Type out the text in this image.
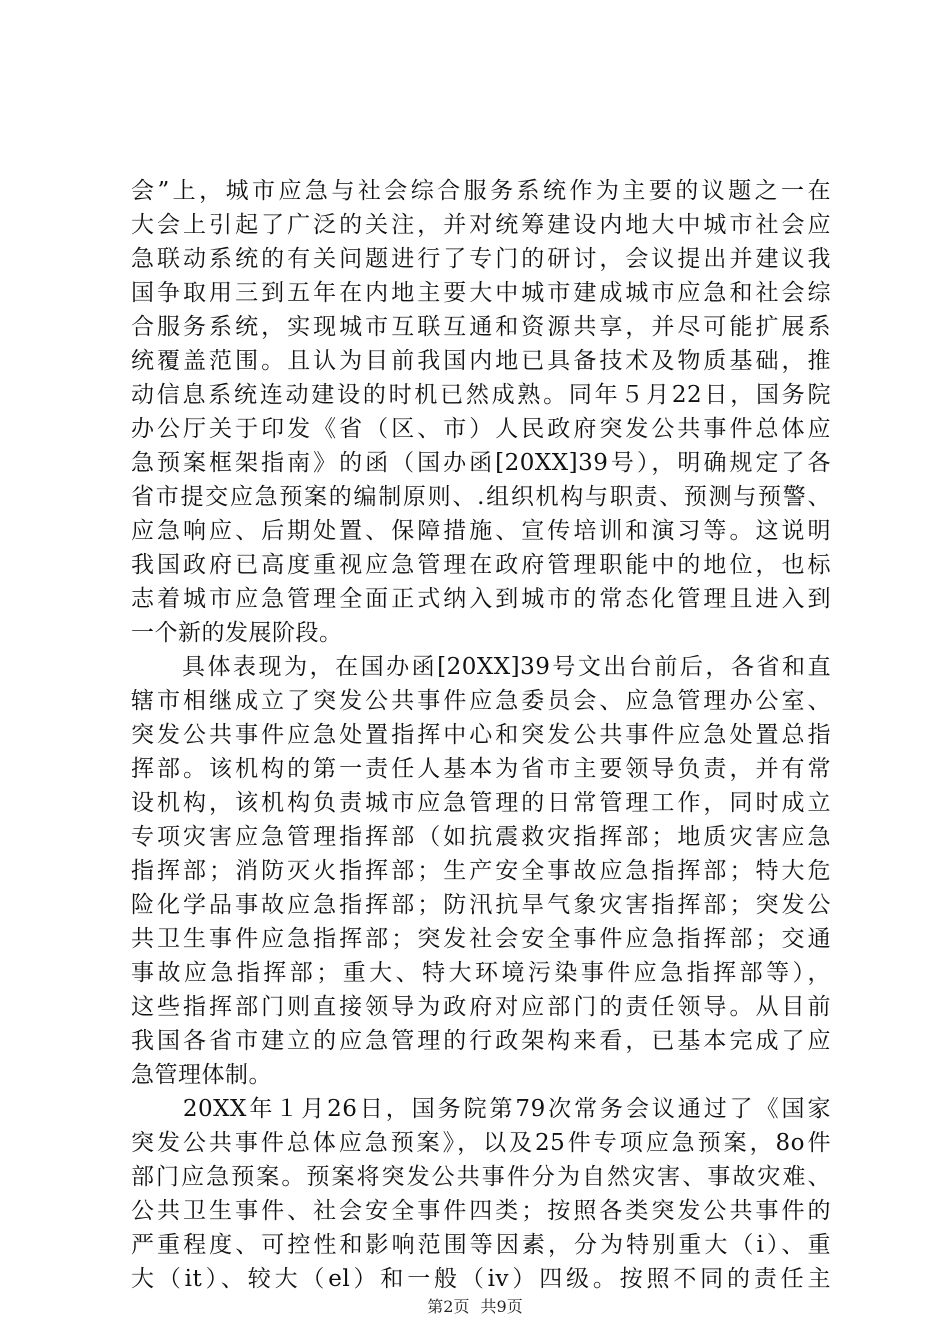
会”上，城市应急与社会综合服务系统作为主要的议题之一在
大会上引起了广泛的关注，并对统筹建设内地大中城市社会应
急联动系统的有关问题进行了专门的研讨，会议提出并建议我
国争取用三到五年在内地主要大中城市建成城市应急和社会综
合服务系统，实现城市互联互通和资源共享，并尽可能扩展系
统覆盖范围。且认为目前我国内地已具备技术及物质基础，推
动信息系统连动建设的时机已然成熟。同年５月22日，国务院
办公厅关于印发《省（区、市）人民政府突发公共事件总体应
急预案框架指南》的函（国办函[20XX]39号），明确规定了各
省市提交应急预案的编制原则、.组织机构与职责、预测与预警、
应急响应、后期处置、保障措施、宣传培训和演习等。这说明
我国政府已高度重视应急管理在政府管理职能中的地位，也标
志着城市应急管理全面正式纳入到城市的常态化管理且进入到
一个新的发展阶段。
　　具体表现为，在国办函[20XX]39号文出台前后，各省和直
辖市相继成立了突发公共事件应急委员会、应急管理办公室、
突发公共事件应急处置指挥中心和突发公共事件应急处置总指
挥部。该机构的第一责任人基本为省市主要领导负责，并有常
设机构，该机构负责城市应急管理的日常管理工作，同时成立
专项灾害应急管理指挥部（如抗震救灾指挥部；地质灾害应急
指挥部；消防灭火指挥部；生产安全事故应急指挥部；特大危
险化学品事故应急指挥部；防汛抗旱气象灾害指挥部；突发公
共卫生事件应急指挥部；突发社会安全事件应急指挥部；交通
事故应急指挥部；重大、特大环境污染事件应急指挥部等），
这些指挥部门则直接领导为政府对应部门的责任领导。从目前
我国各省市建立的应急管理的行政架构来看，已基本完成了应
急管理体制。
　　20XX年１月26日，国务院第79次常务会议通过了《国家
突发公共事件总体应急预案》，以及25件专项应急预案，8o件
部门应急预案。预案将突发公共事件分为自然灾害、事故灾难、
公共卫生事件、社会安全事件四类；按照各类突发公共事件的
严重程度、可控性和影响范围等因素，分为特别重大（i）、重
大（it）、较大（el）和一般（iv）四级。按照不同的责任主
第2页 共9页
